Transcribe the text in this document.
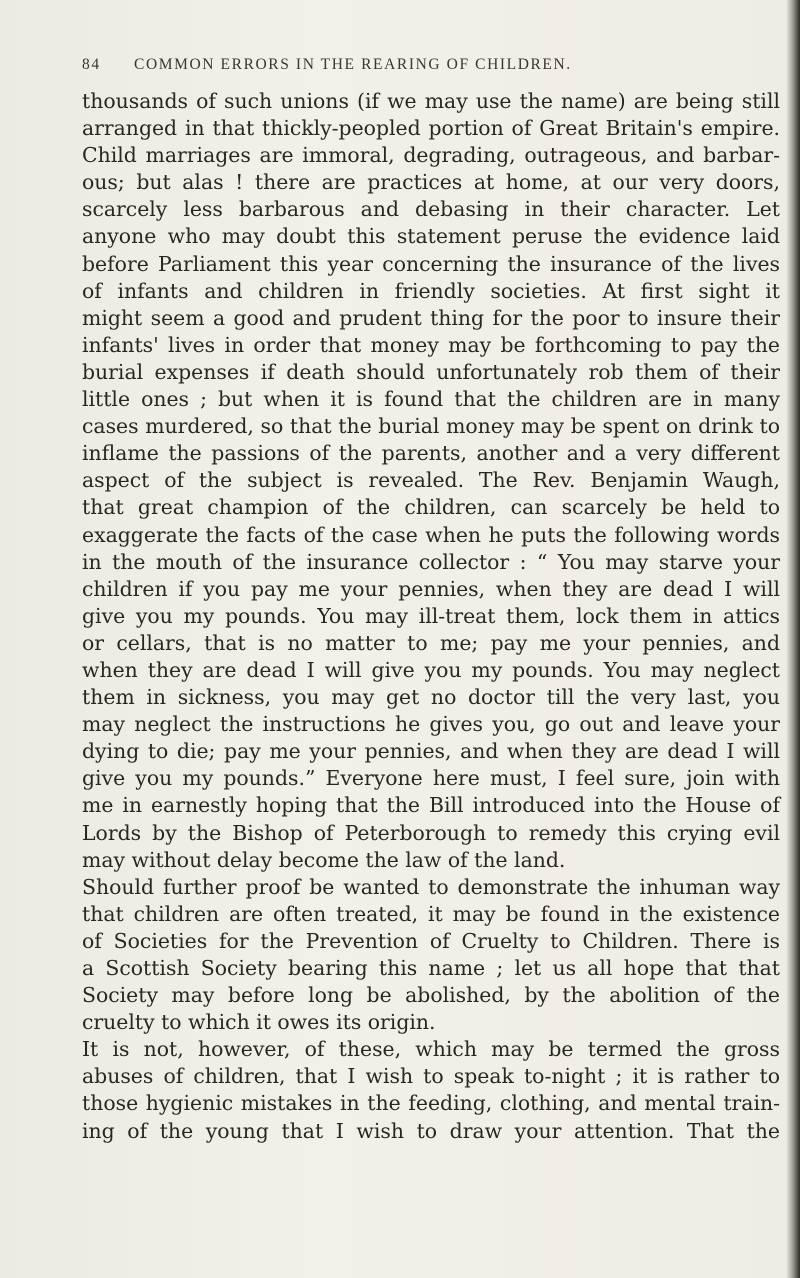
84 COMMON ERRORS IN THE REARING OF CHILDREN.
thousands of such unions (if we may use the name) are being still
arranged in that thickly-peopled portion of Great Britain's empire.
Child marriages are immoral, degrading, outrageous, and barbar-
ous; but alas ! there are practices at home, at our very doors,
scarcely less barbarous and debasing in their character. Let
anyone who may doubt this statement peruse the evidence laid
before Parliament this year concerning the insurance of the lives
of infants and children in friendly societies. At first sight it
might seem a good and prudent thing for the poor to insure their
infants' lives in order that money may be forthcoming to pay the
burial expenses if death should unfortunately rob them of their
little ones ; but when it is found that the children are in many
cases murdered, so that the burial money may be spent on drink to
inflame the passions of the parents, another and a very different
aspect of the subject is revealed. The Rev. Benjamin Waugh,
that great champion of the children, can scarcely be held to
exaggerate the facts of the case when he puts the following words
in the mouth of the insurance collector : “ You may starve your
children if you pay me your pennies, when they are dead I will
give you my pounds. You may ill-treat them, lock them in attics
or cellars, that is no matter to me; pay me your pennies, and
when they are dead I will give you my pounds. You may neglect
them in sickness, you may get no doctor till the very last, you
may neglect the instructions he gives you, go out and leave your
dying to die; pay me your pennies, and when they are dead I will
give you my pounds.” Everyone here must, I feel sure, join with
me in earnestly hoping that the Bill introduced into the House of
Lords by the Bishop of Peterborough to remedy this crying evil
may without delay become the law of the land.
Should further proof be wanted to demonstrate the inhuman way
that children are often treated, it may be found in the existence
of Societies for the Prevention of Cruelty to Children. There is
a Scottish Society bearing this name ; let us all hope that that
Society may before long be abolished, by the abolition of the
cruelty to which it owes its origin.
It is not, however, of these, which may be termed the gross
abuses of children, that I wish to speak to-night ; it is rather to
those hygienic mistakes in the feeding, clothing, and mental train-
ing of the young that I wish to draw your attention. That the
